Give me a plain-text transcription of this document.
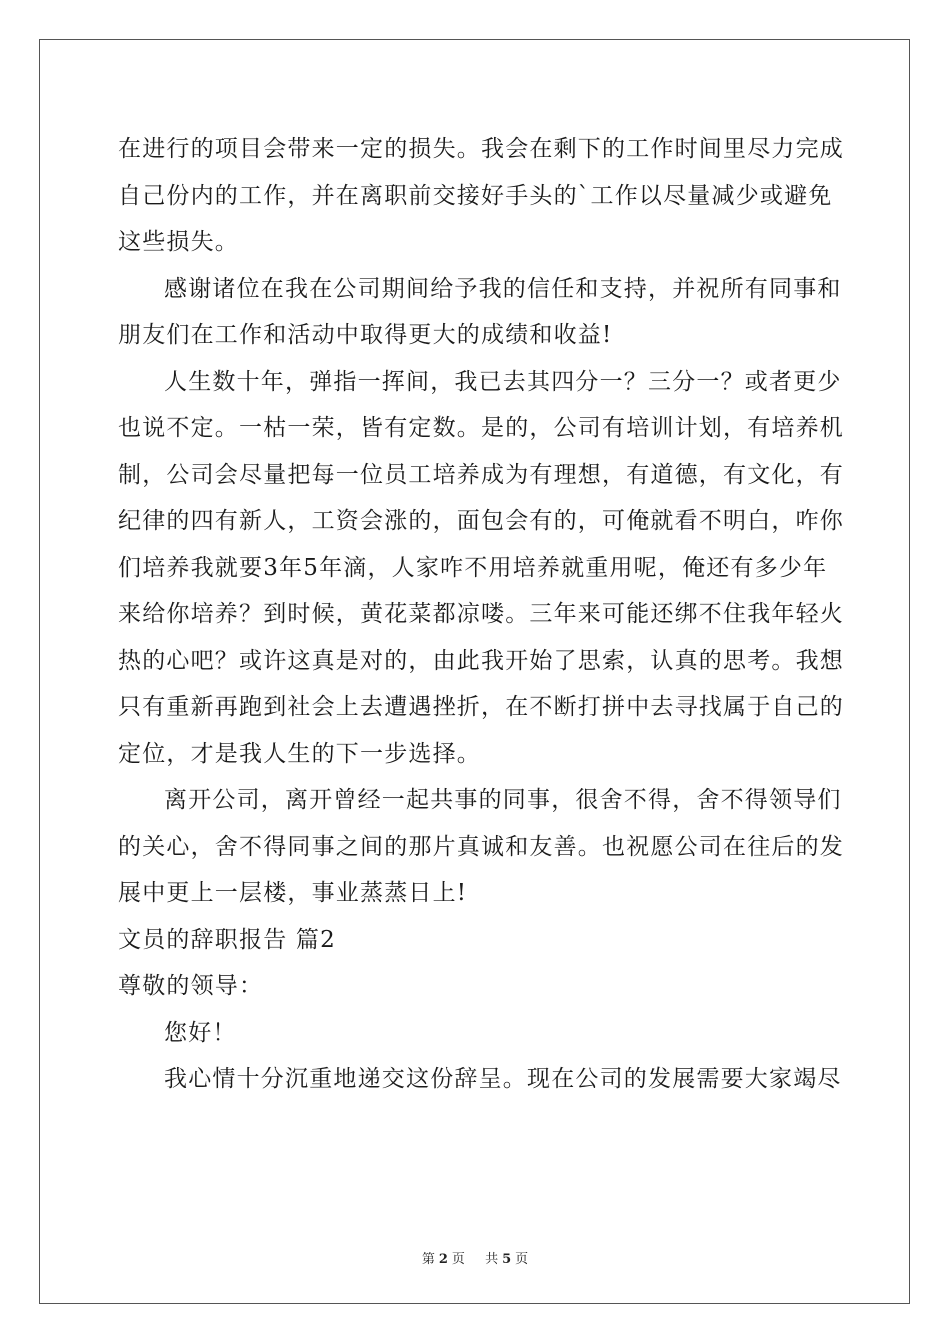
在进行的项目会带来一定的损失。我会在剩下的工作时间里尽力完成
自己份内的工作，并在离职前交接好手头的`工作以尽量减少或避免
这些损失。
感谢诸位在我在公司期间给予我的信任和支持，并祝所有同事和
朋友们在工作和活动中取得更大的成绩和收益!
人生数十年，弹指一挥间，我已去其四分一？三分一？或者更少
也说不定。一枯一荣，皆有定数。是的，公司有培训计划，有培养机
制，公司会尽量把每一位员工培养成为有理想，有道德，有文化，有
纪律的四有新人，工资会涨的，面包会有的，可俺就看不明白，咋你
们培养我就要3年5年滴，人家咋不用培养就重用呢，俺还有多少年
来给你培养？到时候，黄花菜都凉喽。三年来可能还绑不住我年轻火
热的心吧？或许这真是对的，由此我开始了思索，认真的思考。我想
只有重新再跑到社会上去遭遇挫折，在不断打拼中去寻找属于自己的
定位，才是我人生的下一步选择。
离开公司，离开曾经一起共事的同事，很舍不得，舍不得领导们
的关心，舍不得同事之间的那片真诚和友善。也祝愿公司在往后的发
展中更上一层楼，事业蒸蒸日上!
文员的辞职报告 篇2
尊敬的领导：
您好！
我心情十分沉重地递交这份辞呈。现在公司的发展需要大家竭尽
第 2 页 共 5 页
